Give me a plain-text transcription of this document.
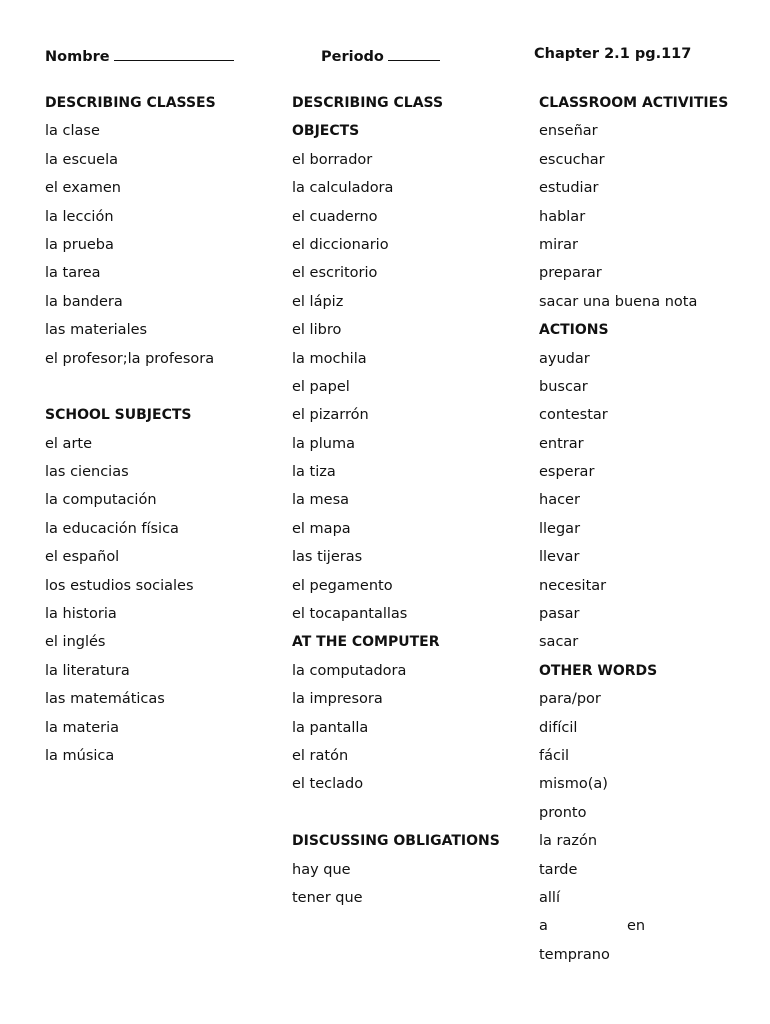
Nombre	Periodo	Chapter 2.1 pg.117
DESCRIBING CLASSES
la clase
la escuela
el examen
la lección
la prueba
la tarea
la bandera
las materiales
el profesor;la profesora
SCHOOL SUBJECTS
el arte
las ciencias
la computación
la educación física
el español
los estudios sociales
la historia
el inglés
la literatura
las matemáticas
la materia
la música
DESCRIBING CLASS
OBJECTS
el borrador
la calculadora
el cuaderno
el diccionario
el escritorio
el lápiz
el libro
la mochila
el papel
el pizarrón
la pluma
la tiza
la mesa
el mapa
las tijeras
el pegamento
el tocapantallas
AT THE COMPUTER
la computadora
la impresora
la pantalla
el ratón
el teclado
DISCUSSING OBLIGATIONS
hay que
tener que
CLASSROOM ACTIVITIES
enseñar
escuchar
estudiar
hablar
mirar
preparar
sacar una buena nota
ACTIONS
ayudar
buscar
contestar
entrar
esperar
hacer
llegar
llevar
necesitar
pasar
sacar
OTHER WORDS
para/por
difícil
fácil
mismo(a)
pronto
la razón
tarde
allí
a	en
temprano
